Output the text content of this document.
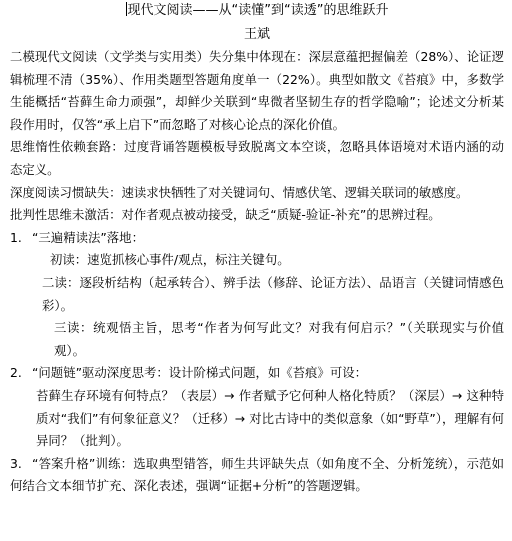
现代文阅读——从“读懂”到“读透”的思维跃升
王斌

二模现代文阅读（文学类与实用类）失分集中体现在：深层意蕴把握偏差（28%）、论证逻辑梳理不清（35%）、作用类题型答题角度单一（22%）。典型如散文《苔痕》中，多数学生能概括“苔藓生命力顽强”，却鲜少关联到“卑微者坚韧生存的哲学隐喻”；论述文分析某段作用时，仅答“承上启下”而忽略了对核心论点的深化价值。

思维惰性依赖套路：过度背诵答题模板导致脱离文本空谈，忽略具体语境对术语内涵的动态定义。

深度阅读习惯缺失：速读求快牺牲了对关键词句、情感伏笔、逻辑关联词的敏感度。

批判性思维未激活：对作者观点被动接受，缺乏“质疑-验证-补充”的思辨过程。

1. “三遍精读法”落地：

初读：速览抓核心事件/观点，标注关键句。

二读：逐段析结构（起承转合）、辨手法（修辞、论证方法）、品语言（关键词情感色彩）。

三读：统观悟主旨，思考“作者为何写此文？对我有何启示？”（关联现实与价值观）。

2. “问题链”驱动深度思考：设计阶梯式问题，如《苔痕》可设：

苔藓生存环境有何特点？（表层）→ 作者赋予它何种人格化特质？（深层）→ 这种特质对“我们”有何象征意义？（迁移）→ 对比古诗中的类似意象（如“野草”），理解有何异同？（批判）。

3. “答案升格”训练：选取典型错答，师生共评缺失点（如角度不全、分析笼统），示范如何结合文本细节扩充、深化表述，强调“证据+分析”的答题逻辑。
